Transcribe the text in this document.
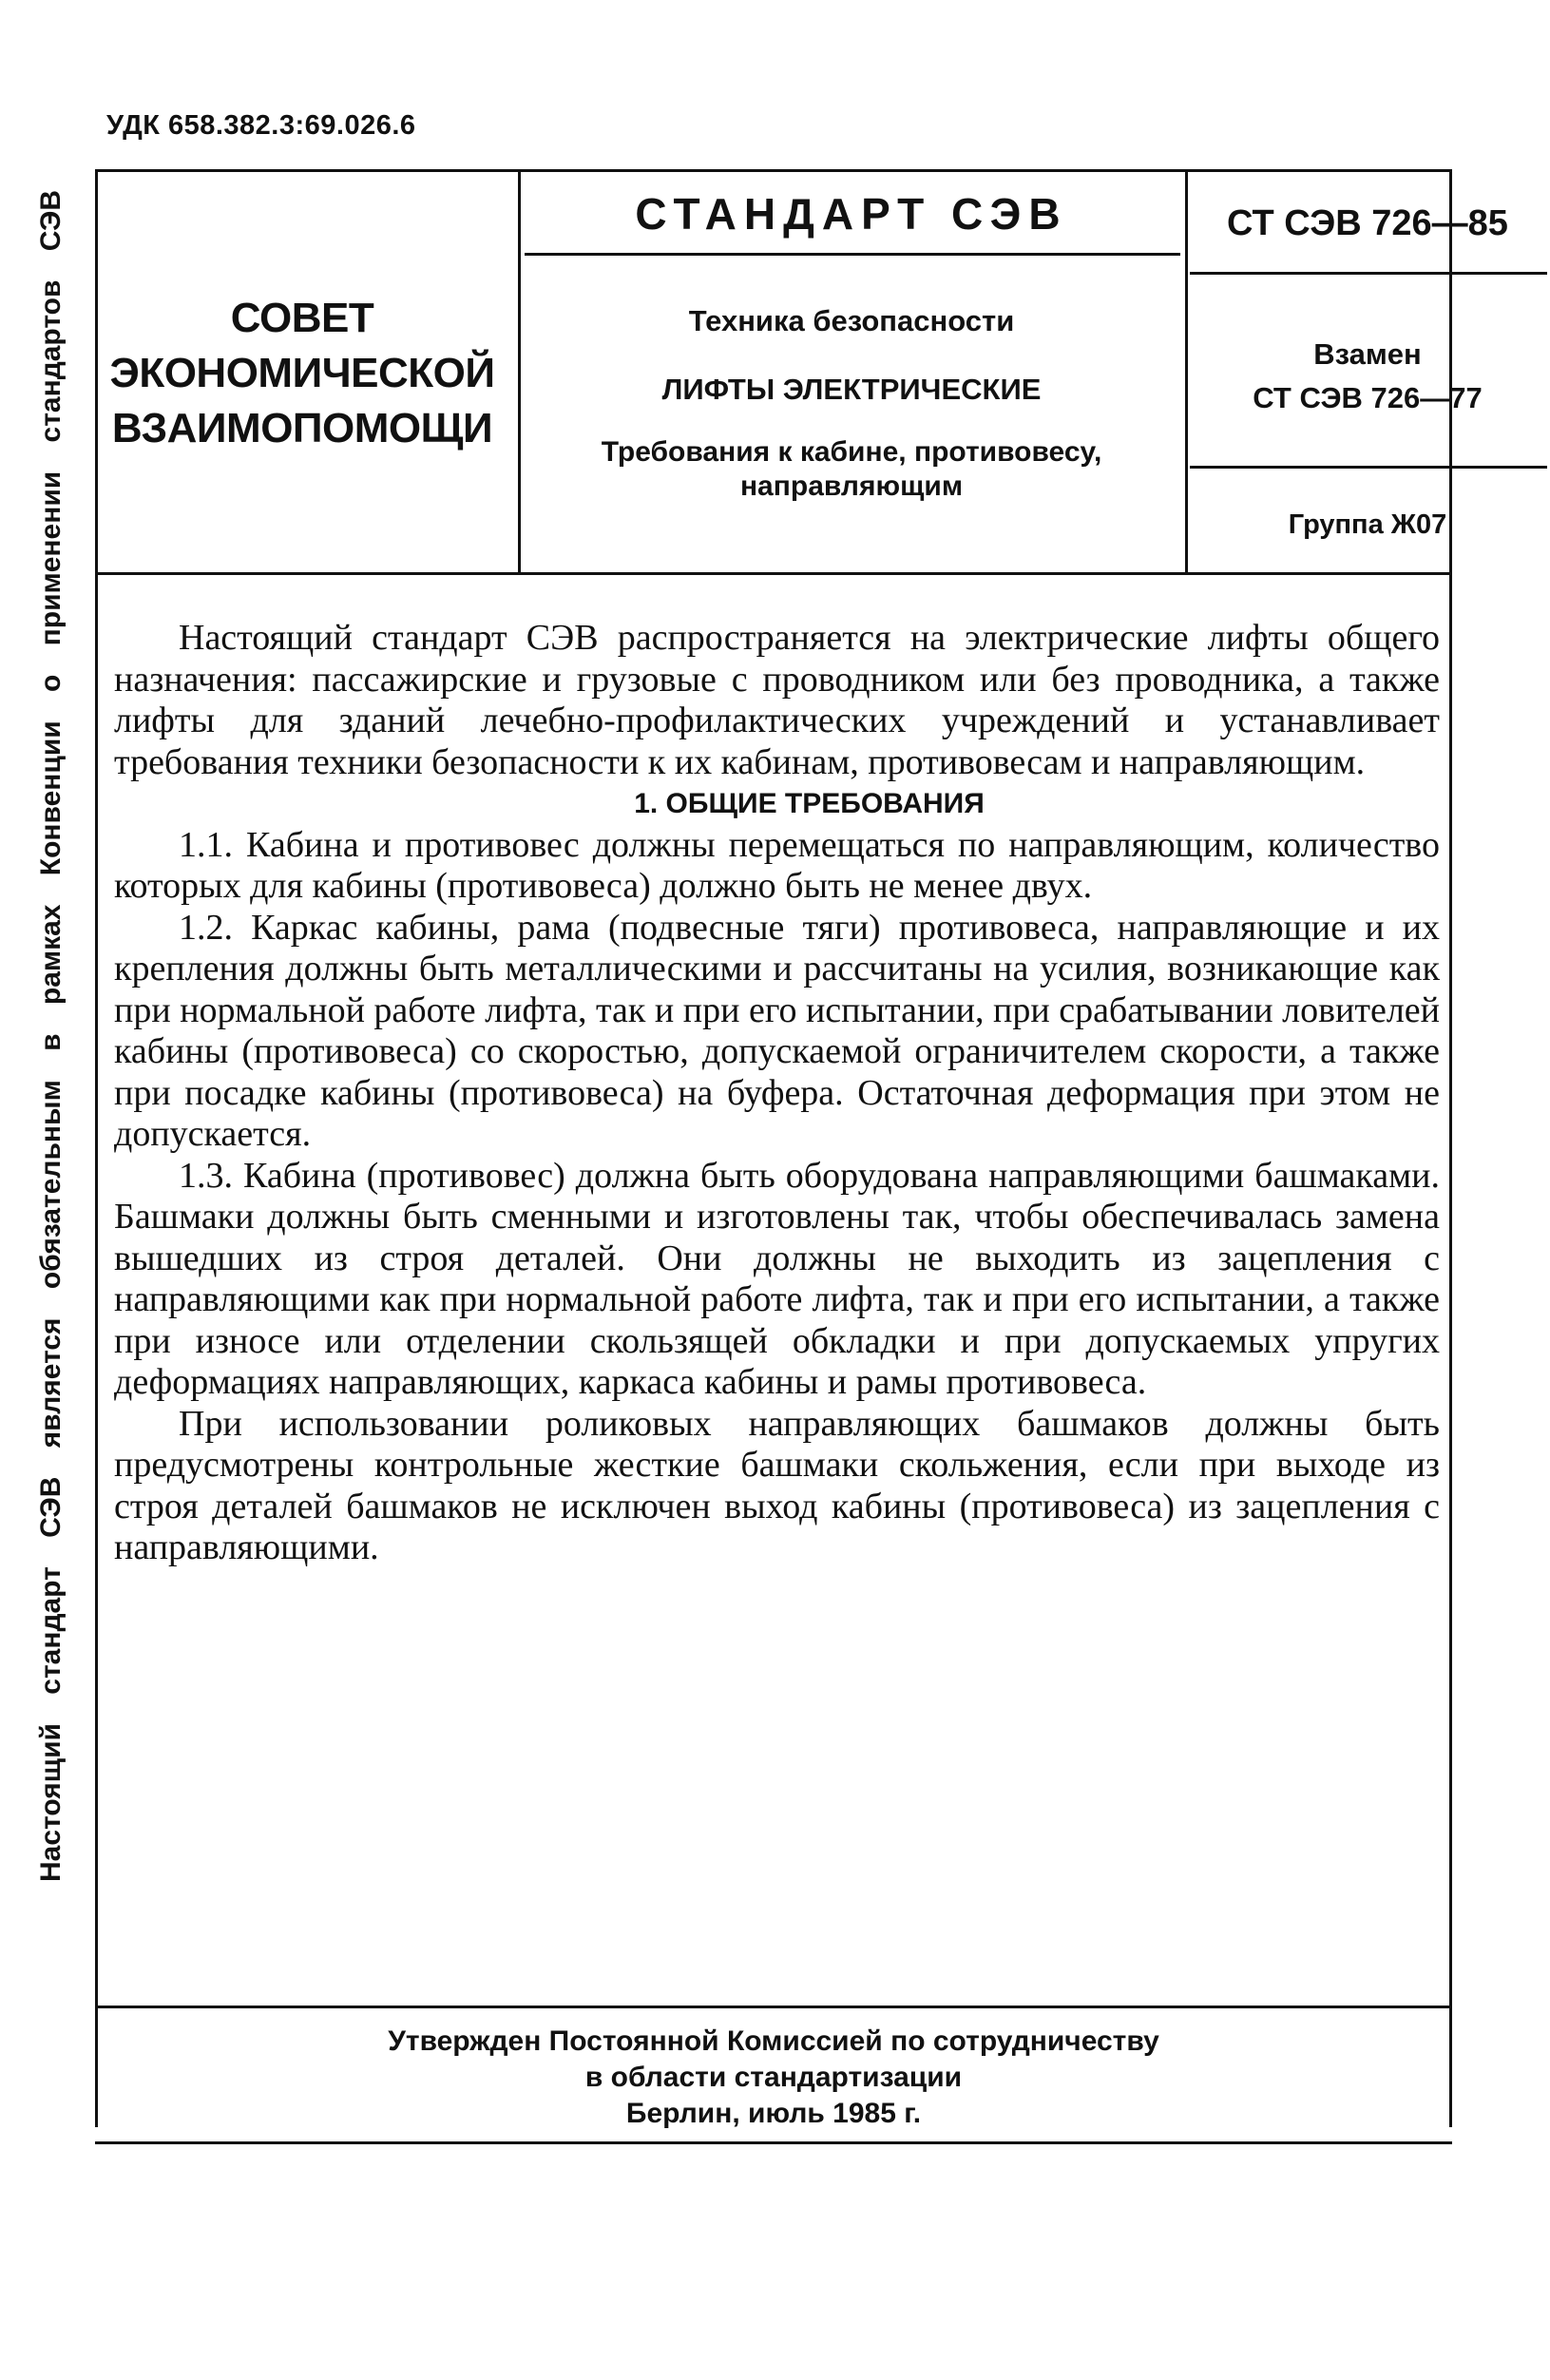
УДК 658.382.3:69.026.6
Настоящий
стандарт
СЭВ
является
обязательным
в
рамках
Конвенции
о
применении
стандартов
СЭВ
СОВЕТ ЭКОНОМИЧЕСКОЙ ВЗАИМОПОМОЩИ
СТАНДАРТ СЭВ
Техника безопасности
ЛИФТЫ ЭЛЕКТРИЧЕСКИЕ
Требования к кабине, противовесу, направляющим
СТ СЭВ 726—85
Взамен
СТ СЭВ 726—77
Группа Ж07

Настоящий стандарт СЭВ распространяется на электрические лифты общего назначения: пассажирские и грузовые с проводником или без проводника, а также лифты для зданий лечебно-профилактических учреждений и устанавливает требования техники безопасности к их кабинам, противовесам и направляющим.

1. ОБЩИЕ ТРЕБОВАНИЯ

1.1. Кабина и противовес должны перемещаться по направляющим, количество которых для кабины (противовеса) должно быть не менее двух.

1.2. Каркас кабины, рама (подвесные тяги) противовеса, направляющие и их крепления должны быть металлическими и рассчитаны на усилия, возникающие как при нормальной работе лифта, так и при его испытании, при срабатывании ловителей кабины (противовеса) со скоростью, допускаемой ограничителем скорости, а также при посадке кабины (противовеса) на буфера. Остаточная деформация при этом не допускается.

1.3. Кабина (противовес) должна быть оборудована направляющими башмаками. Башмаки должны быть сменными и изготовлены так, чтобы обеспечивалась замена вышедших из строя деталей. Они должны не выходить из зацепления с направляющими как при нормальной работе лифта, так и при его испытании, а также при износе или отделении скользящей обкладки и при допускаемых упругих деформациях направляющих, каркаса кабины и рамы противовеса.

При использовании роликовых направляющих башмаков должны быть предусмотрены контрольные жесткие башмаки скольжения, если при выходе из строя деталей башмаков не исключен выход кабины (противовеса) из зацепления с направляющими.

Утвержден Постоянной Комиссией по сотрудничеству
в области стандартизации
Берлин, июль 1985 г.
